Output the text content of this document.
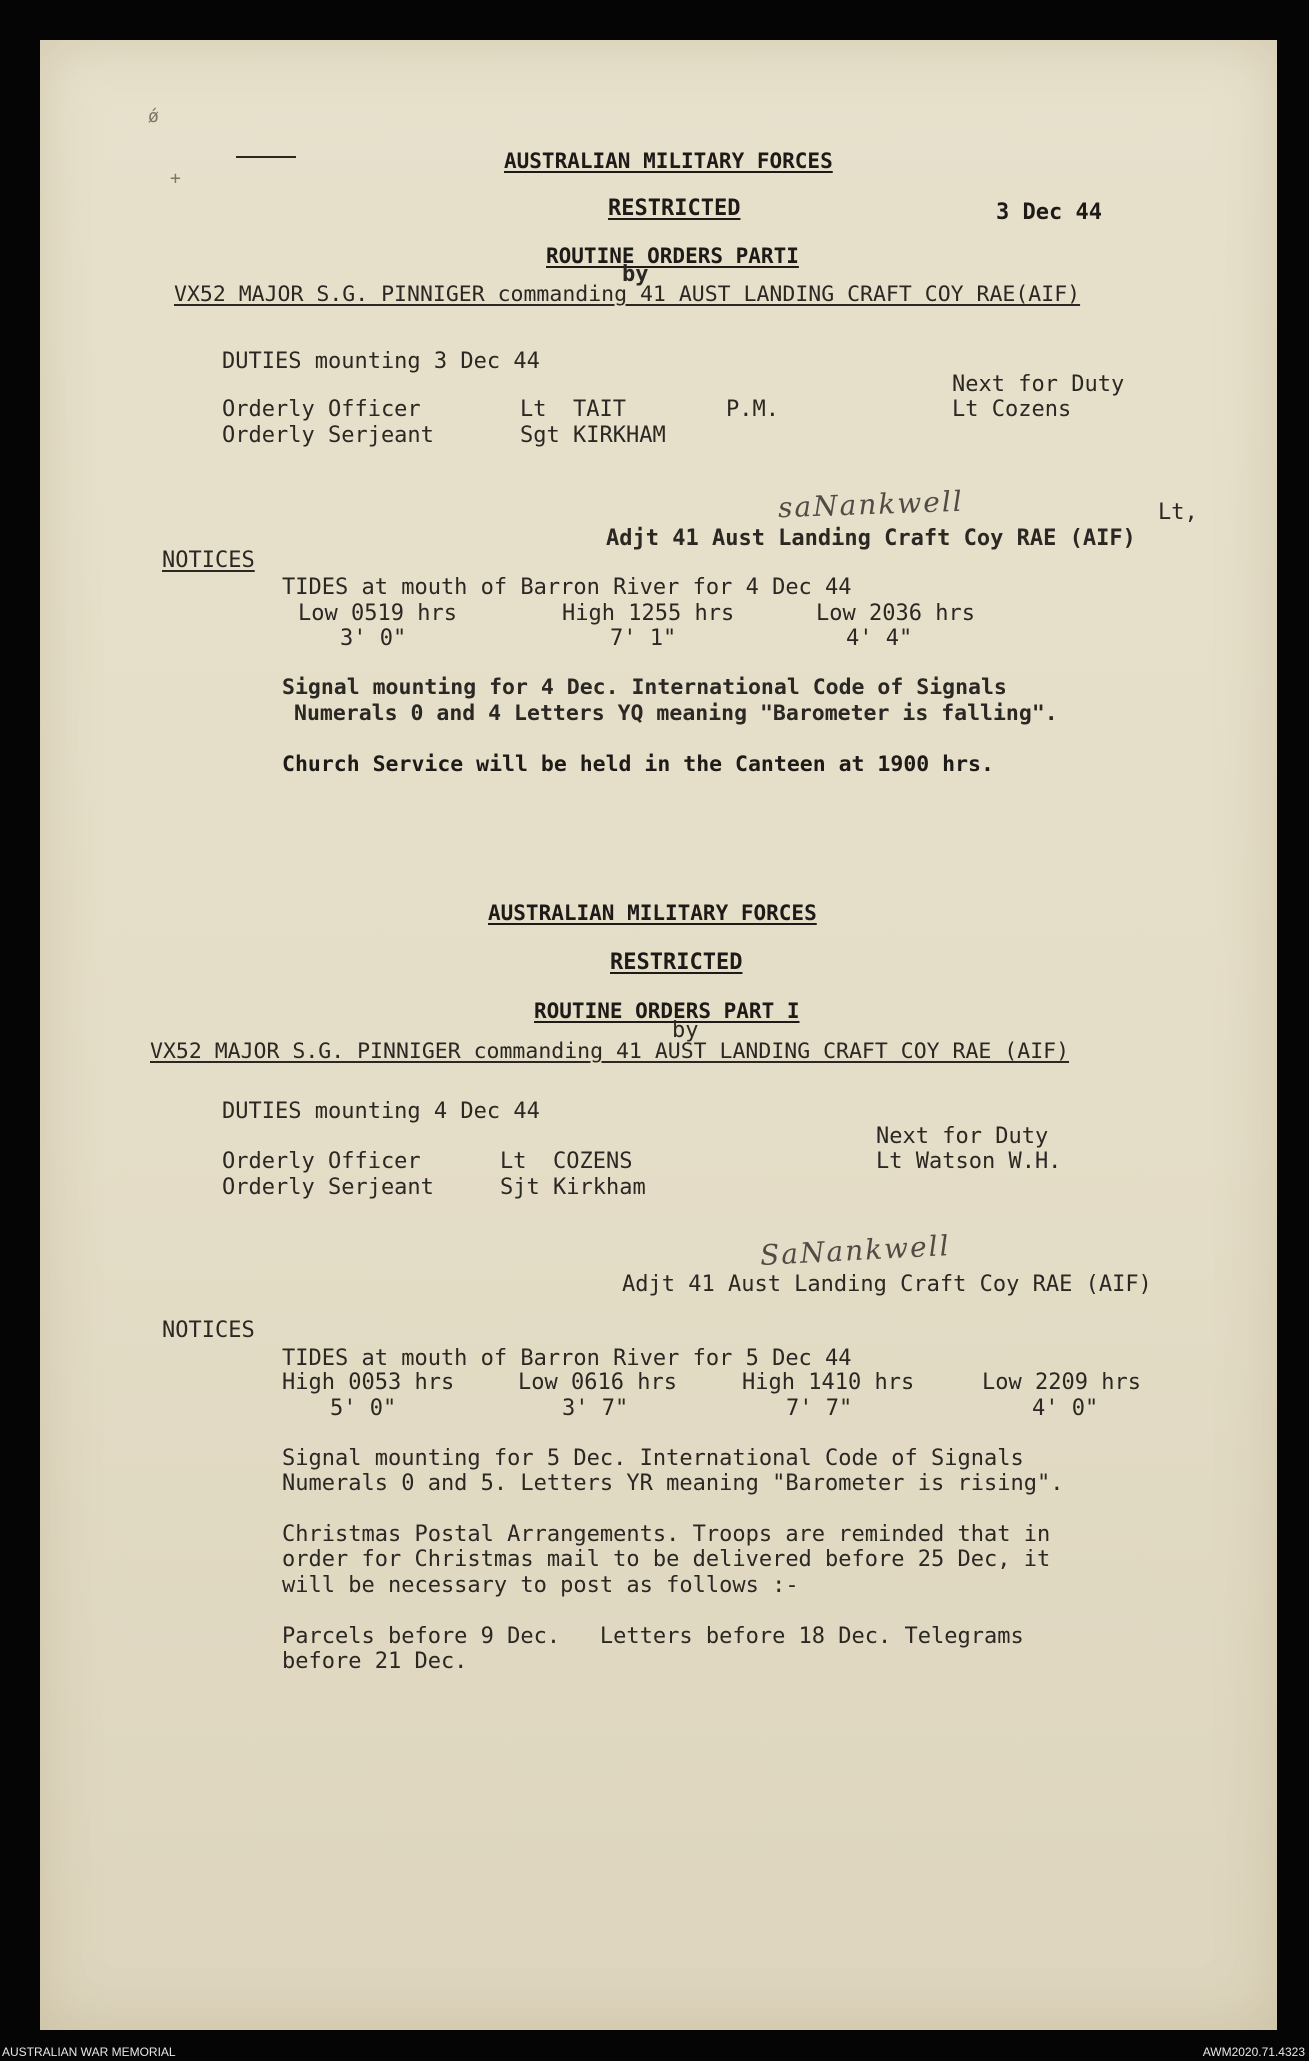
ǿ
+
AUSTRALIAN MILITARY FORCES
RESTRICTED	3 Dec 44
ROUTINE ORDERS PARTI
by
VX52 MAJOR S.G. PINNIGER commanding 41 AUST LANDING CRAFT COY RAE(AIF)
DUTIES mounting 3 Dec 44
Next for Duty
Orderly Officer	Lt  TAIT	P.M.	Lt Cozens
Orderly Serjeant	Sgt KIRKHAM
saNankwell	Lt,
Adjt 41 Aust Landing Craft Coy RAE (AIF)
NOTICES
TIDES at mouth of Barron River for 4 Dec 44
Low 0519 hrs	High 1255 hrs	Low 2036 hrs
3' 0"	7' 1"	4' 4"
Signal mounting for 4 Dec. International Code of Signals
Numerals 0 and 4 Letters YQ meaning "Barometer is falling".
Church Service will be held in the Canteen at 1900 hrs.
AUSTRALIAN MILITARY FORCES
RESTRICTED
ROUTINE ORDERS PART I
by
VX52 MAJOR S.G. PINNIGER commanding 41 AUST LANDING CRAFT COY RAE (AIF)
DUTIES mounting 4 Dec 44
Next for Duty
Orderly Officer	Lt  COZENS	Lt Watson W.H.
Orderly Serjeant	Sjt Kirkham
SaNankwell
Adjt 41 Aust Landing Craft Coy RAE (AIF)
NOTICES
TIDES at mouth of Barron River for 5 Dec 44
High 0053 hrs	Low 0616 hrs	High 1410 hrs	Low 2209 hrs
5' 0"	3' 7"	7' 7"	4' 0"
Signal mounting for 5 Dec. International Code of Signals
Numerals 0 and 5. Letters YR meaning "Barometer is rising".
Christmas Postal Arrangements. Troops are reminded that in
order for Christmas mail to be delivered before 25 Dec, it
will be necessary to post as follows :-
Parcels before 9 Dec.   Letters before 18 Dec. Telegrams
before 21 Dec.
AUSTRALIAN WAR MEMORIAL	AWM2020.71.4323
